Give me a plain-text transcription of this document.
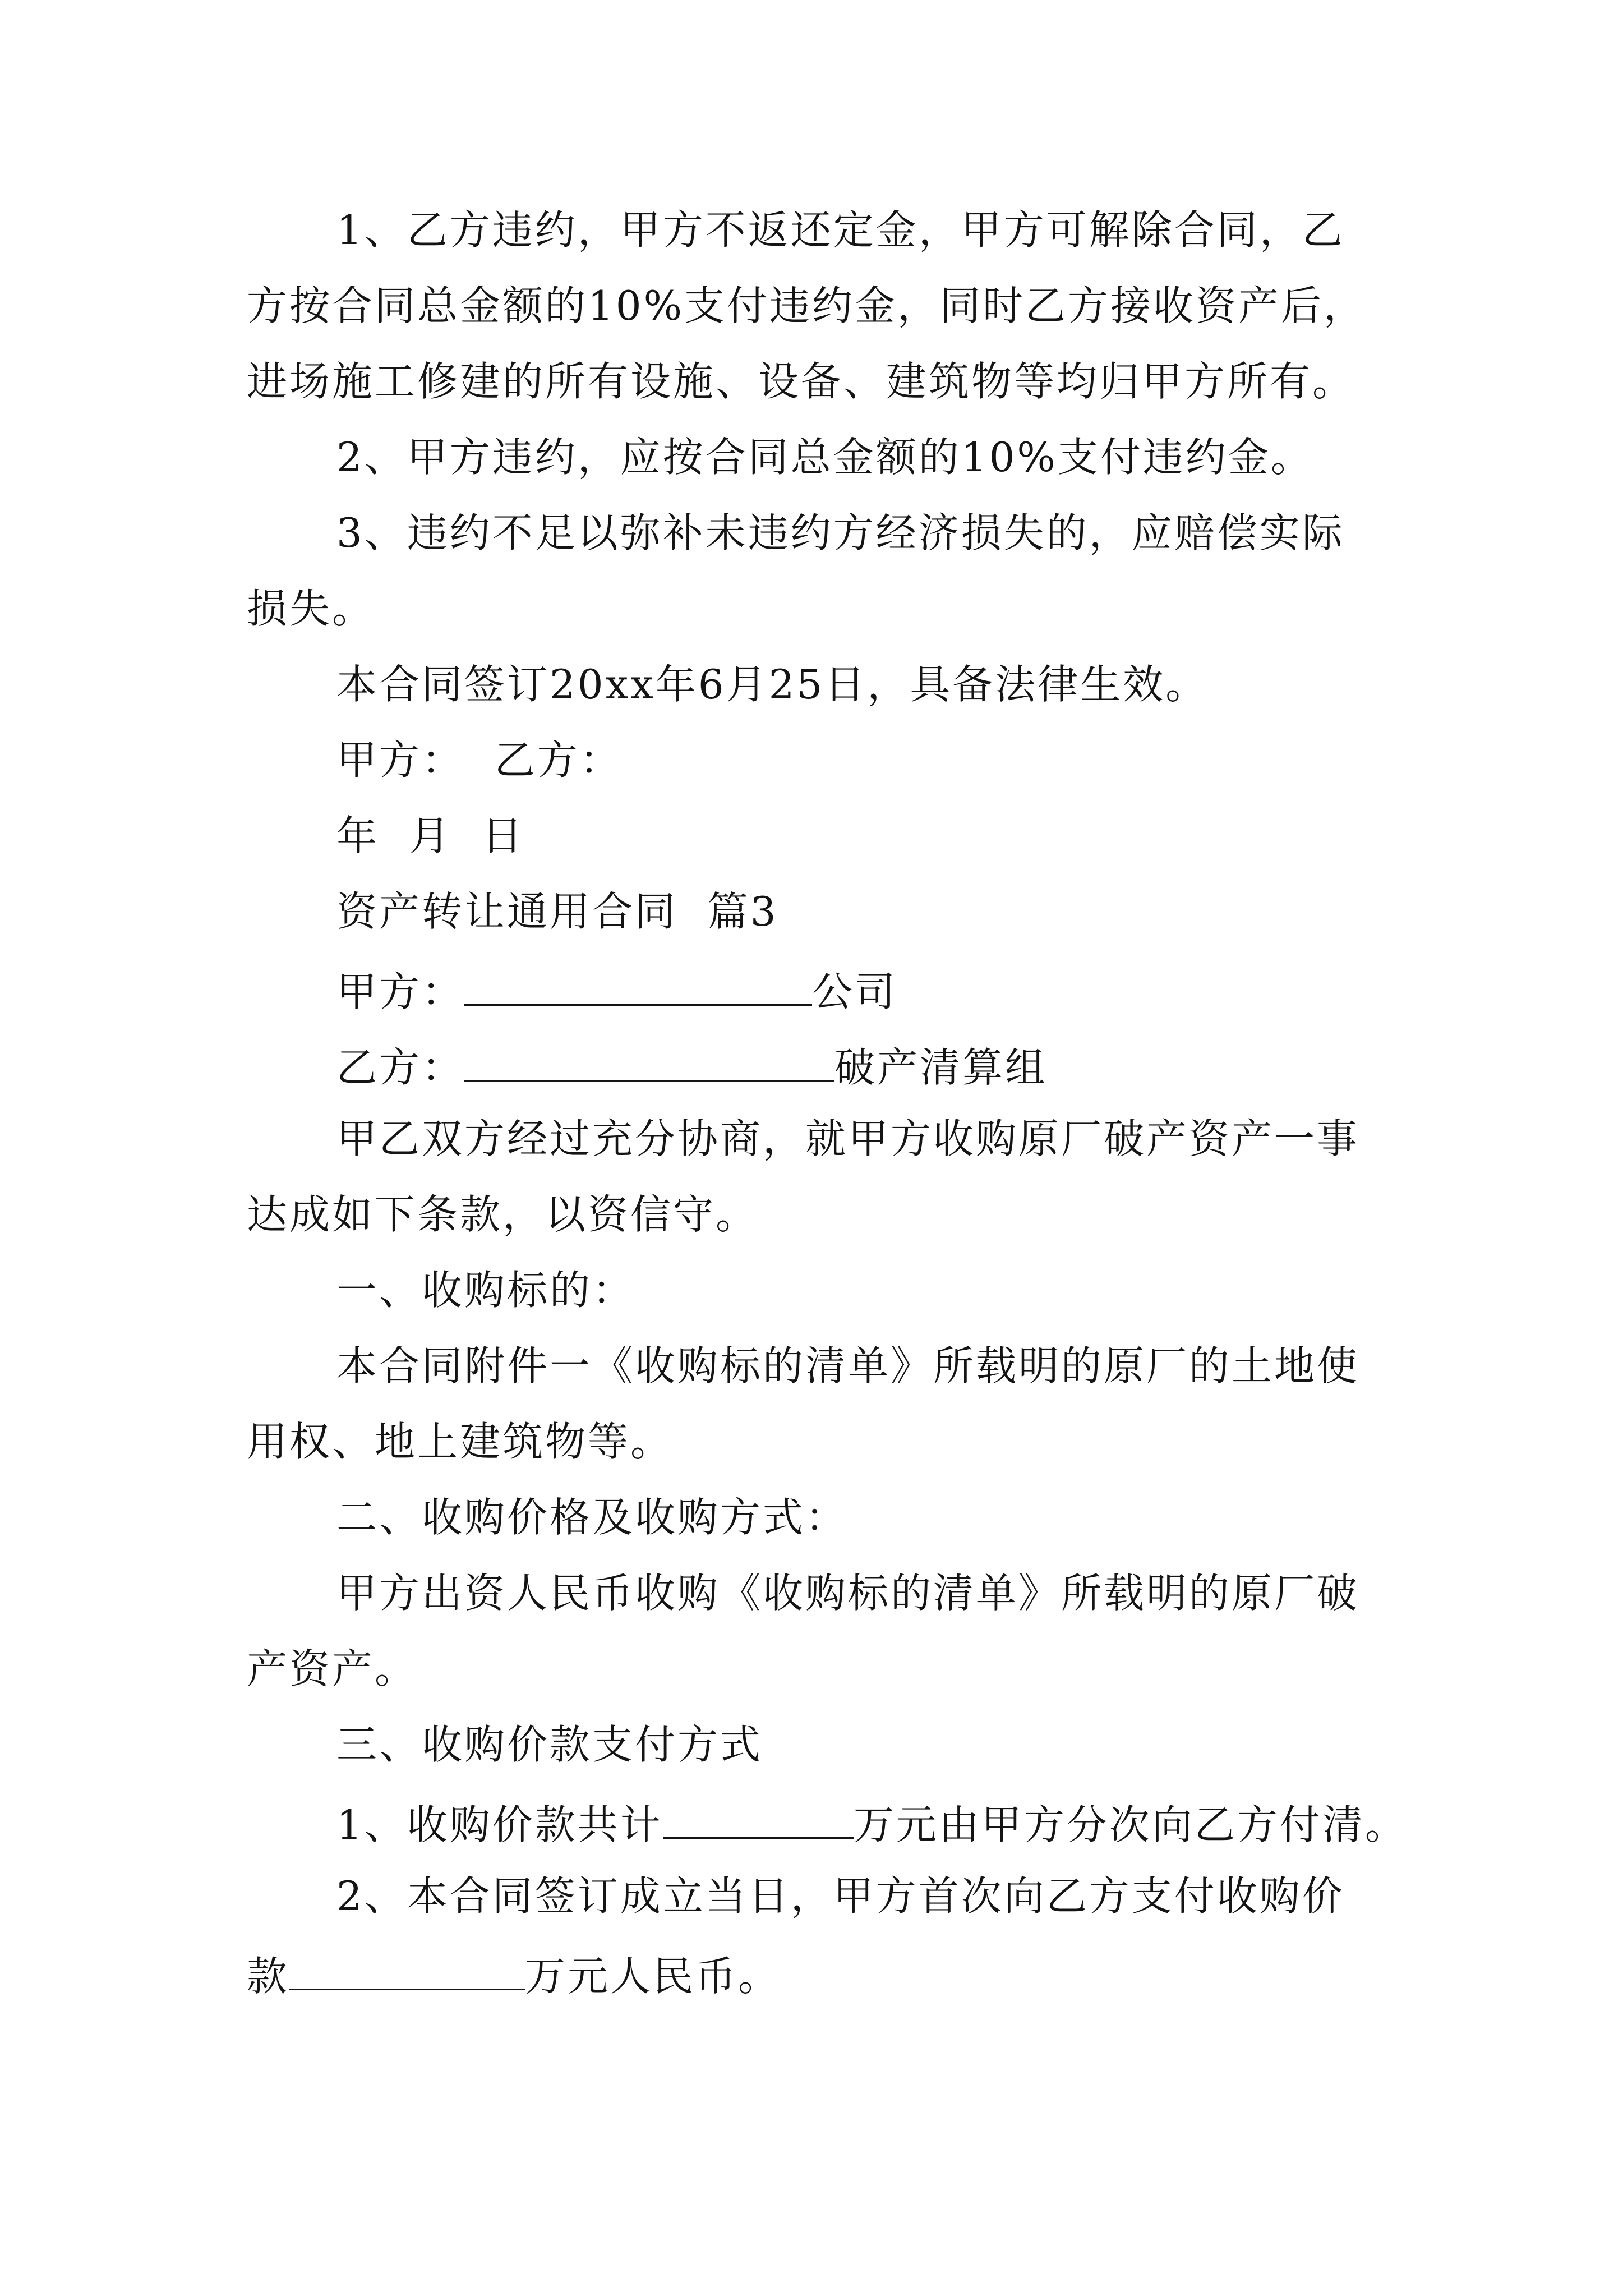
1、乙方违约，甲方不返还定金，甲方可解除合同，乙
方按合同总金额的10%支付违约金，同时乙方接收资产后，
进场施工修建的所有设施、设备、建筑物等均归甲方所有。
2、甲方违约，应按合同总金额的10%支付违约金。
3、违约不足以弥补未违约方经济损失的，应赔偿实际
损失。
本合同签订20xx年6月25日，具备法律生效。
甲方：  乙方：
年  月  日
资产转让通用合同  篇3
甲方：	公司
乙方：	破产清算组
甲乙双方经过充分协商，就甲方收购原厂破产资产一事
达成如下条款，以资信守。
一、收购标的：
本合同附件一《收购标的清单》所载明的原厂的土地使
用权、地上建筑物等。
二、收购价格及收购方式：
甲方出资人民币收购《收购标的清单》所载明的原厂破
产资产。
三、收购价款支付方式
1、收购价款共计	万元由甲方分次向乙方付清。
2、本合同签订成立当日，甲方首次向乙方支付收购价
款	万元人民币。
